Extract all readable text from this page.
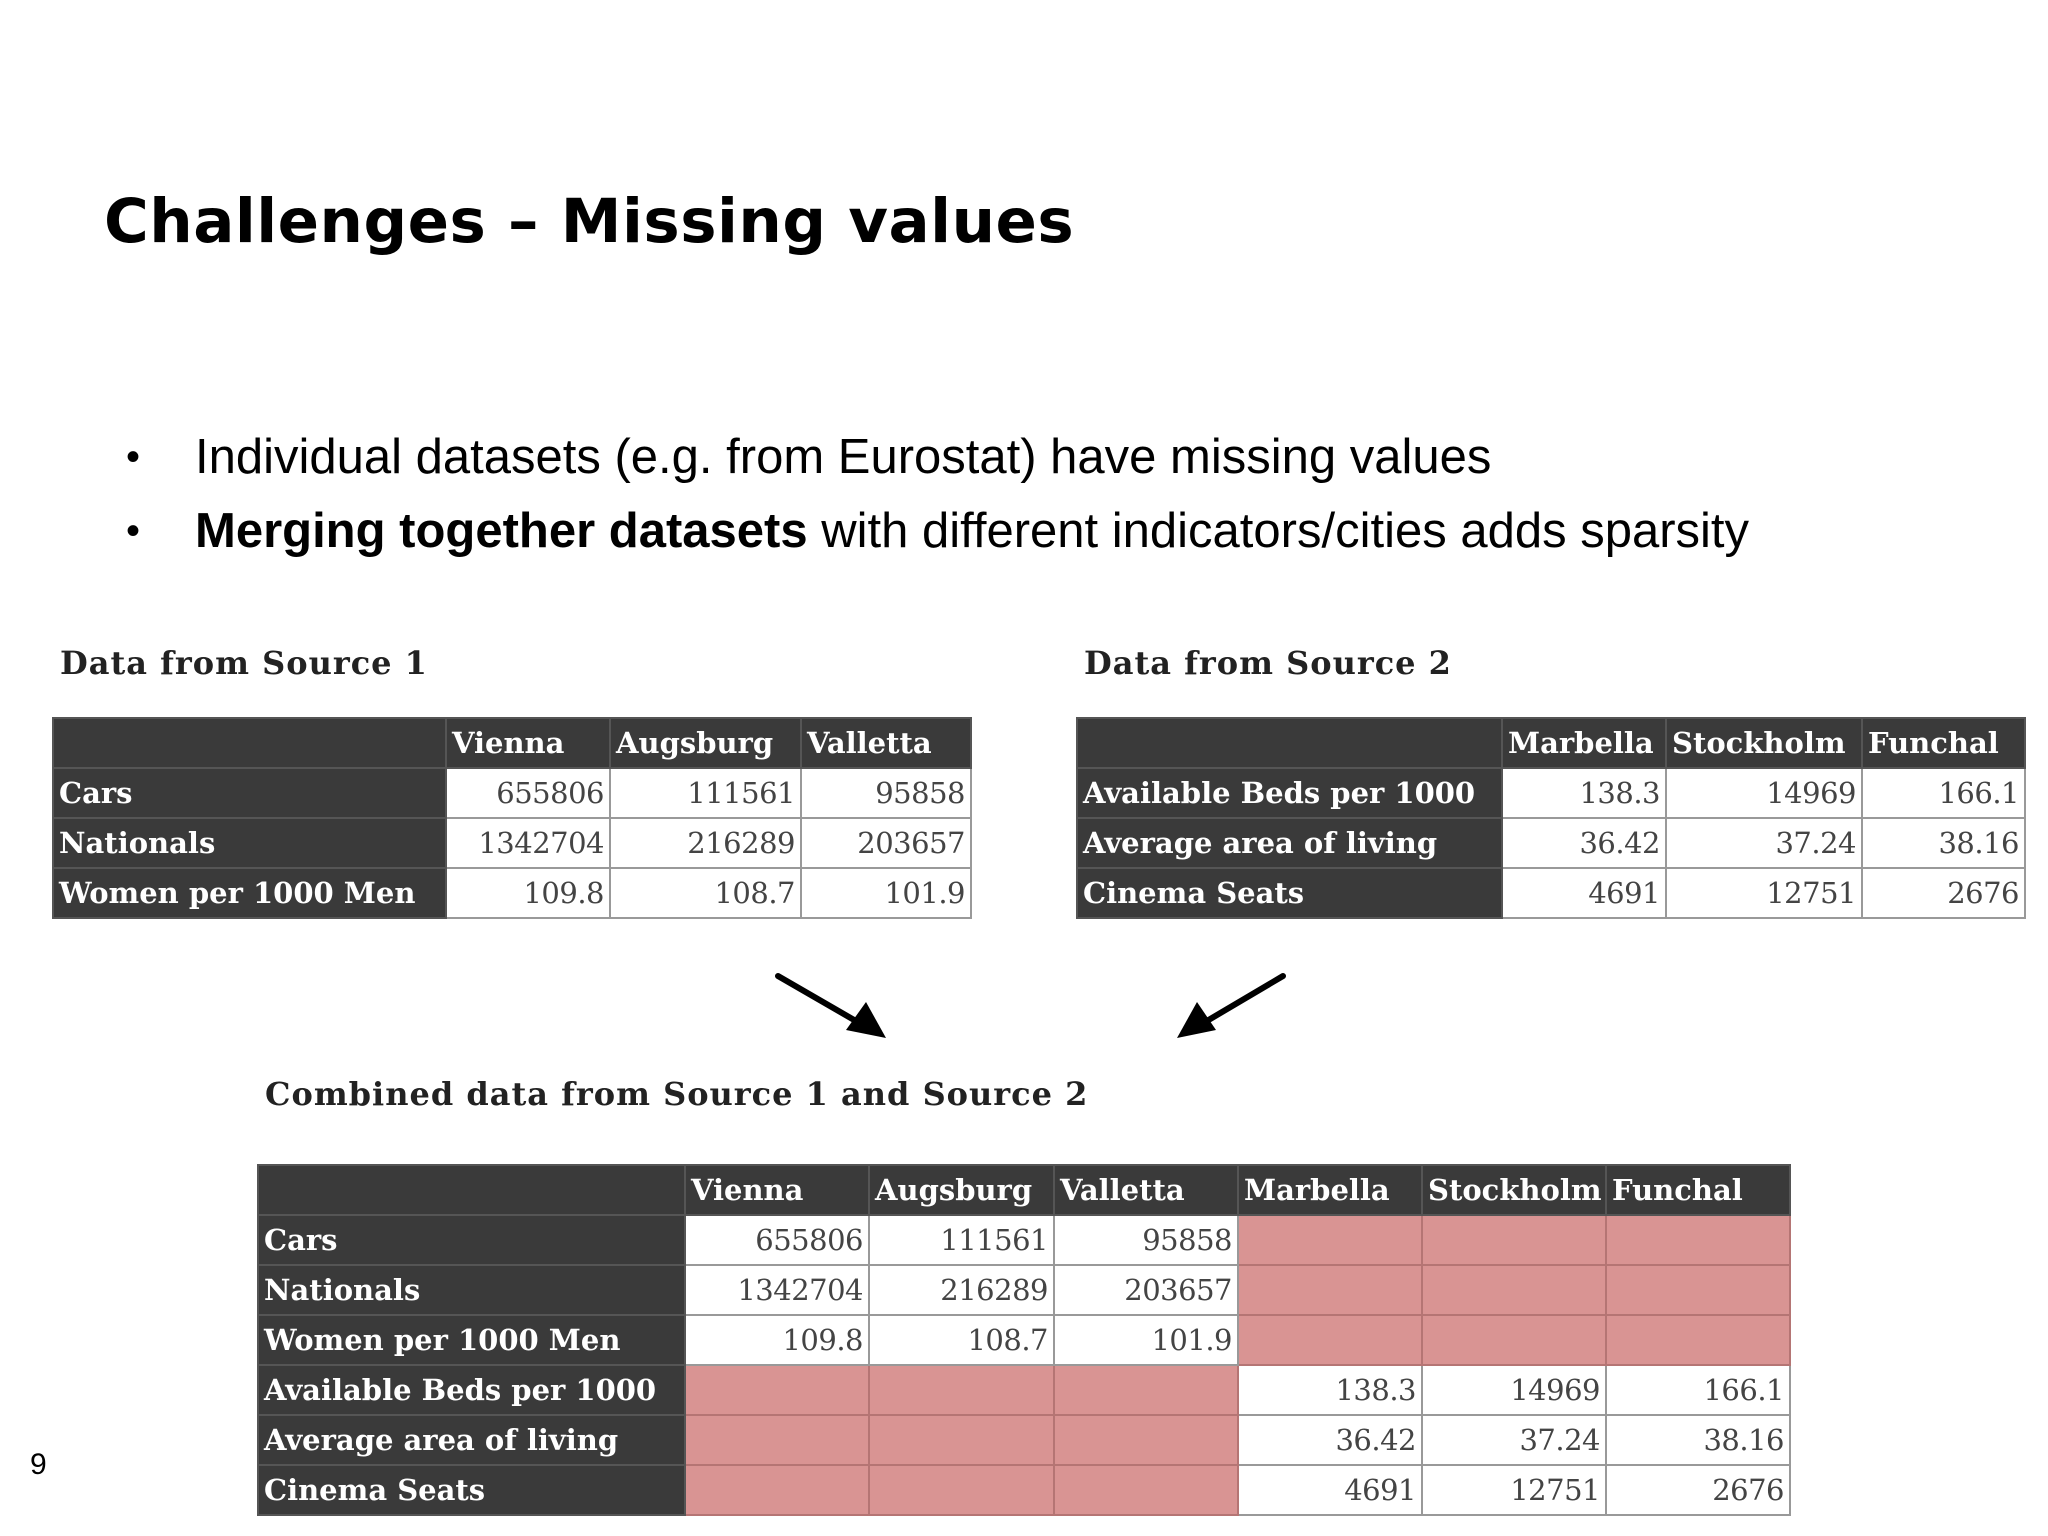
Challenges – Missing values
• Individual datasets (e.g. from Eurostat) have missing values
• Merging together datasets with different indicators/cities adds sparsity
Data from Source 1	Data from Source 2
Combined data from Source 1 and Source 2
	Vienna	Augsburg	Valletta
Cars	655806	111561	95858
Nationals	1342704	216289	203657
Women per 1000 Men	109.8	108.7	101.9
	Marbella	Stockholm	Funchal
Available Beds per 1000	138.3	14969	166.1
Average area of living	36.42	37.24	38.16
Cinema Seats	4691	12751	2676
	Vienna	Augsburg	Valletta	Marbella	Stockholm	Funchal
Cars	655806	111561	95858			
Nationals	1342704	216289	203657			
Women per 1000 Men	109.8	108.7	101.9			
Available Beds per 1000				138.3	14969	166.1
Average area of living				36.42	37.24	38.16
Cinema Seats				4691	12751	2676
9
